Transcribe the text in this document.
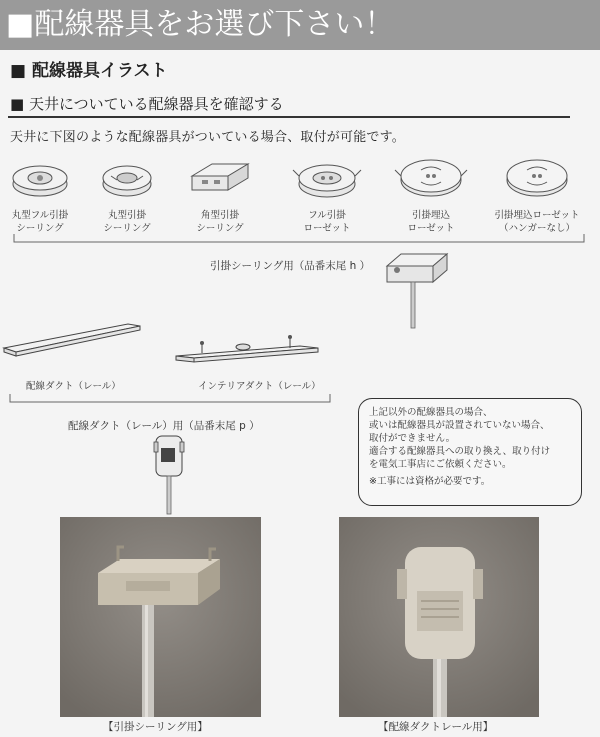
■配線器具をお選び下さい！
■ 配線器具イラスト
■ 天井についている配線器具を確認する
天井に下図のような配線器具がついている場合、取付が可能です。
丸型フル引掛
シーリング
丸型引掛
シーリング
角型引掛
シーリング
フル引掛
ローゼット
引掛埋込
ローゼット
引掛埋込ローゼット
（ハンガーなし）
引掛シーリング用（品番末尾 h ）
配線ダクト（レール）	インテリアダクト（レール）
配線ダクト（レール）用（品番末尾 p ）

上記以外の配線器具の場合、

或いは配線器具が設置されていない場合、

取付ができません。

適合する配線器具への取り換え、取り付け

を電気工事店にご依頼ください。

※工事には資格が必要です。

【引掛シーリング用】	【配線ダクトレール用】
